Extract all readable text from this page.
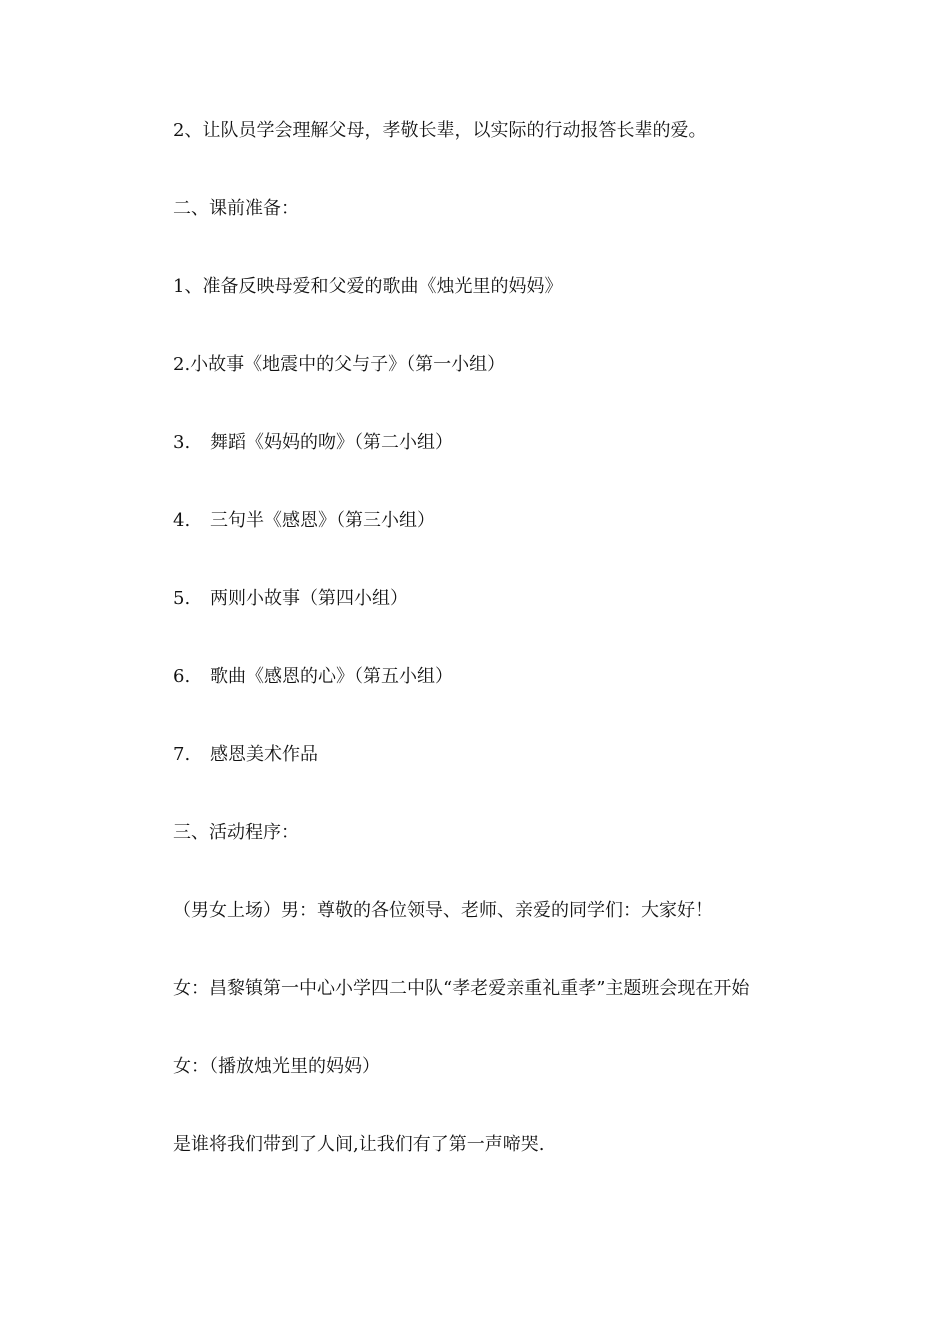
2、让队员学会理解父母，孝敬长辈，以实际的行动报答长辈的爱。
二、课前准备：
1、准备反映母爱和父爱的歌曲《烛光里的妈妈》
2.小故事《地震中的父与子》（第一小组）
3. 舞蹈《妈妈的吻》（第二小组）
4. 三句半《感恩》（第三小组）
5. 两则小故事（第四小组）
6. 歌曲《感恩的心》（第五小组）
7. 感恩美术作品
三、活动程序：
（男女上场）男：尊敬的各位领导、老师、亲爱的同学们：大家好！
女：昌黎镇第一中心小学四二中队“孝老爱亲重礼重孝”主题班会现在开始
女：（播放烛光里的妈妈）
是谁将我们带到了人间,让我们有了第一声啼哭.
